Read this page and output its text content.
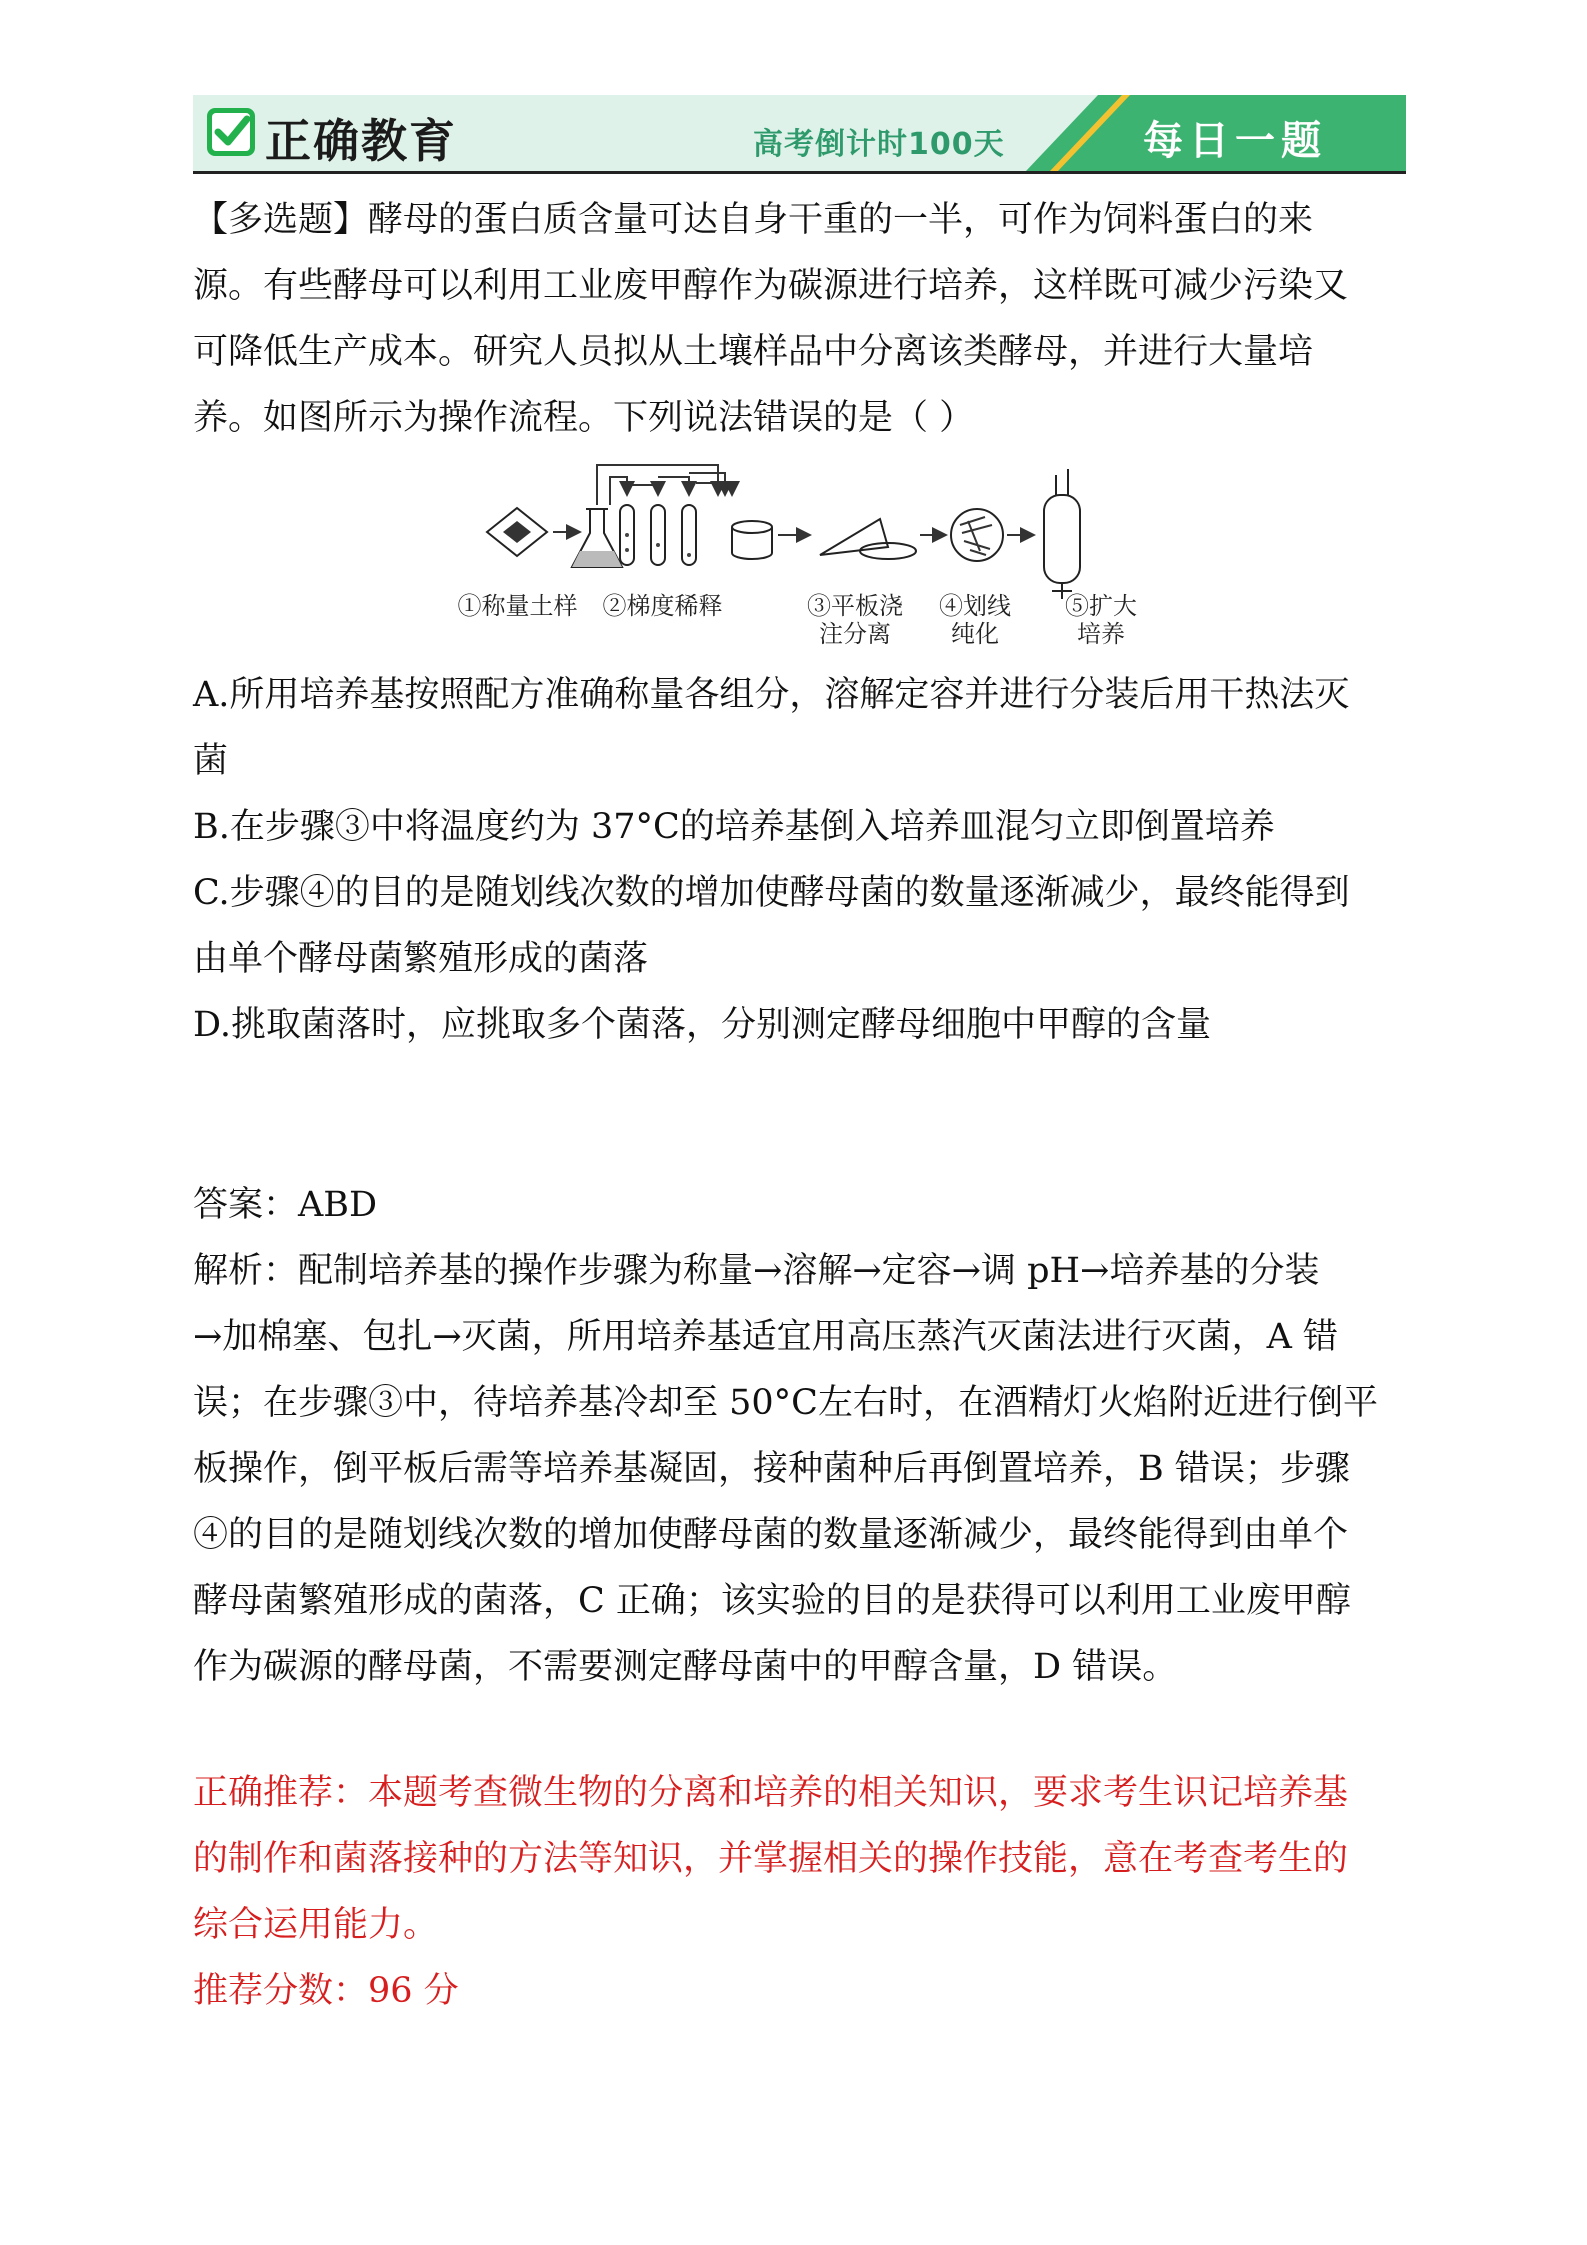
正确教育	高考倒计时100天	每日一题
【多选题】酵母的蛋白质含量可达自身干重的一半，可作为饲料蛋白的来
源。有些酵母可以利用工业废甲醇作为碳源进行培养，这样既可减少污染又
可降低生产成本。研究人员拟从土壤样品中分离该类酵母，并进行大量培
养。如图所示为操作流程。下列说法错误的是（ ）
①称量土样	②梯度稀释	③平板浇
注分离
④划线
纯化
⑤扩大
培养
A.所用培养基按照配方准确称量各组分，溶解定容并进行分装后用干热法灭
菌
B.在步骤③中将温度约为 37°C的培养基倒入培养皿混匀立即倒置培养
C.步骤④的目的是随划线次数的增加使酵母菌的数量逐渐减少，最终能得到
由单个酵母菌繁殖形成的菌落
D.挑取菌落时，应挑取多个菌落，分别测定酵母细胞中甲醇的含量
答案：ABD
解析：配制培养基的操作步骤为称量→溶解→定容→调 pH→培养基的分装
→加棉塞、包扎→灭菌，所用培养基适宜用高压蒸汽灭菌法进行灭菌，A 错
误；在步骤③中，待培养基冷却至 50°C左右时，在酒精灯火焰附近进行倒平
板操作，倒平板后需等培养基凝固，接种菌种后再倒置培养，B 错误；步骤
④的目的是随划线次数的增加使酵母菌的数量逐渐减少，最终能得到由单个
酵母菌繁殖形成的菌落，C 正确；该实验的目的是获得可以利用工业废甲醇
作为碳源的酵母菌，不需要测定酵母菌中的甲醇含量，D 错误。
正确推荐：本题考查微生物的分离和培养的相关知识，要求考生识记培养基
的制作和菌落接种的方法等知识，并掌握相关的操作技能，意在考查考生的
综合运用能力。
推荐分数：96 分
